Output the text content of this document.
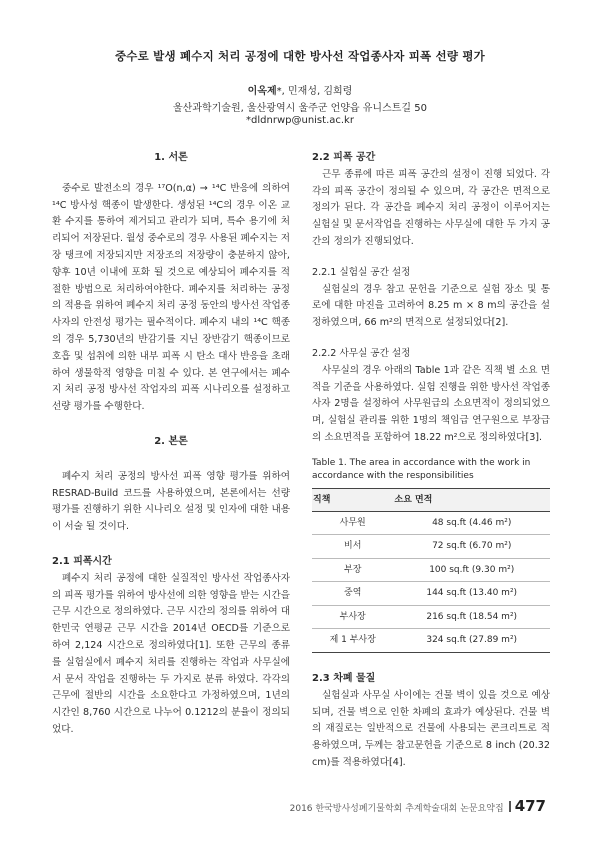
중수로 발생 폐수지 처리 공정에 대한 방사선 작업종사자 피폭 선량 평가
이옥제*, 민재성, 김희령
울산과학기술원, 울산광역시 울주군 언양읍 유니스트길 50
*dldnrwp@unist.ac.kr
1. 서론

중수로 발전소의 경우 ¹⁷O(n,α) → ¹⁴C 반응에 의하여 ¹⁴C 방사성 핵종이 발생한다. 생성된 ¹⁴C의 경우 이온 교환 수지를 통하여 제거되고 관리가 되며, 특수 용기에 처리되어 저장된다. 월성 중수로의 경우 사용된 폐수지는 저장 탱크에 저장되지만 저장조의 저장량이 충분하지 않아, 향후 10년 이내에 포화 될 것으로 예상되어 폐수지를 적절한 방법으로 처리하여야한다. 폐수지를 처리하는 공정의 적용을 위하여 폐수지 처리 공정 동안의 방사선 작업종사자의 안전성 평가는 필수적이다. 폐수지 내의 ¹⁴C 핵종의 경우 5,730년의 반감기를 지닌 장반감기 핵종이므로 호흡 및 섭취에 의한 내부 피폭 시 탄소 대사 반응을 초래하여 생물학적 영향을 미칠 수 있다. 본 연구에서는 폐수지 처리 공정 방사선 작업자의 피폭 시나리오를 설정하고 선량 평가를 수행한다.

2. 본론

폐수지 처리 공정의 방사선 피폭 영향 평가를 위하여 RESRAD-Build 코드를 사용하였으며, 본론에서는 선량 평가를 진행하기 위한 시나리오 설정 및 인자에 대한 내용이 서술 될 것이다.

2.1 피폭시간

폐수지 처리 공정에 대한 실질적인 방사선 작업종사자의 피폭 평가를 위하여 방사선에 의한 영향을 받는 시간을 근무 시간으로 정의하였다. 근무 시간의 정의를 위하여 대한민국 연평균 근무 시간을 2014년 OECD를 기준으로 하여 2,124 시간으로 정의하였다[1]. 또한 근무의 종류를 실험실에서 폐수지 처리를 진행하는 작업과 사무실에서 문서 작업을 진행하는 두 가지로 분류 하였다. 각각의 근무에 절반의 시간을 소요한다고 가정하였으며, 1년의 시간인 8,760 시간으로 나누어 0.1212의 분율이 정의되었다.

2.2 피폭 공간

근무 종류에 따른 피폭 공간의 설정이 진행 되었다. 각각의 피폭 공간이 정의될 수 있으며, 각 공간은 면적으로 정의가 된다. 각 공간을 폐수지 처리 공정이 이루어지는 실험실 및 문서작업을 진행하는 사무실에 대한 두 가지 공간의 정의가 진행되었다.

2.2.1 실험실 공간 설정

실험실의 경우 참고 문헌을 기준으로 실험 장소 및 통로에 대한 마진을 고려하여 8.25 m × 8 m의 공간을 설정하였으며, 66 m²의 면적으로 설정되었다[2].

2.2.2 사무실 공간 설정

사무실의 경우 아래의 Table 1과 같은 직책 별 소요 면적을 기준을 사용하였다. 실험 진행을 위한 방사선 작업종사자 2명을 설정하여 사무원급의 소요면적이 정의되었으며, 실험실 관리를 위한 1명의 책임급 연구원으로 부장급의 소요면적을 포함하여 18.22 m²으로 정의하였다[3].

Table 1. The area in accordance with the work in accordance with the responsibilities
직책	소요 면적
사무원	48 sq.ft (4.46 m²)
비서	72 sq.ft (6.70 m²)
부장	100 sq.ft (9.30 m²)
중역	144 sq.ft (13.40 m²)
부사장	216 sq.ft (18.54 m²)
제 1 부사장	324 sq.ft (27.89 m²)
2.3 차폐 물질

실험실과 사무실 사이에는 건물 벽이 있을 것으로 예상되며, 건물 벽으로 인한 차폐의 효과가 예상된다. 건물 벽의 재질로는 일반적으로 건물에 사용되는 콘크리트로 적용하였으며, 두께는 참고문헌을 기준으로 8 inch (20.32 cm)를 적용하였다[4].

2016 한국방사성폐기물학회 추계학술대회 논문요약집 477
